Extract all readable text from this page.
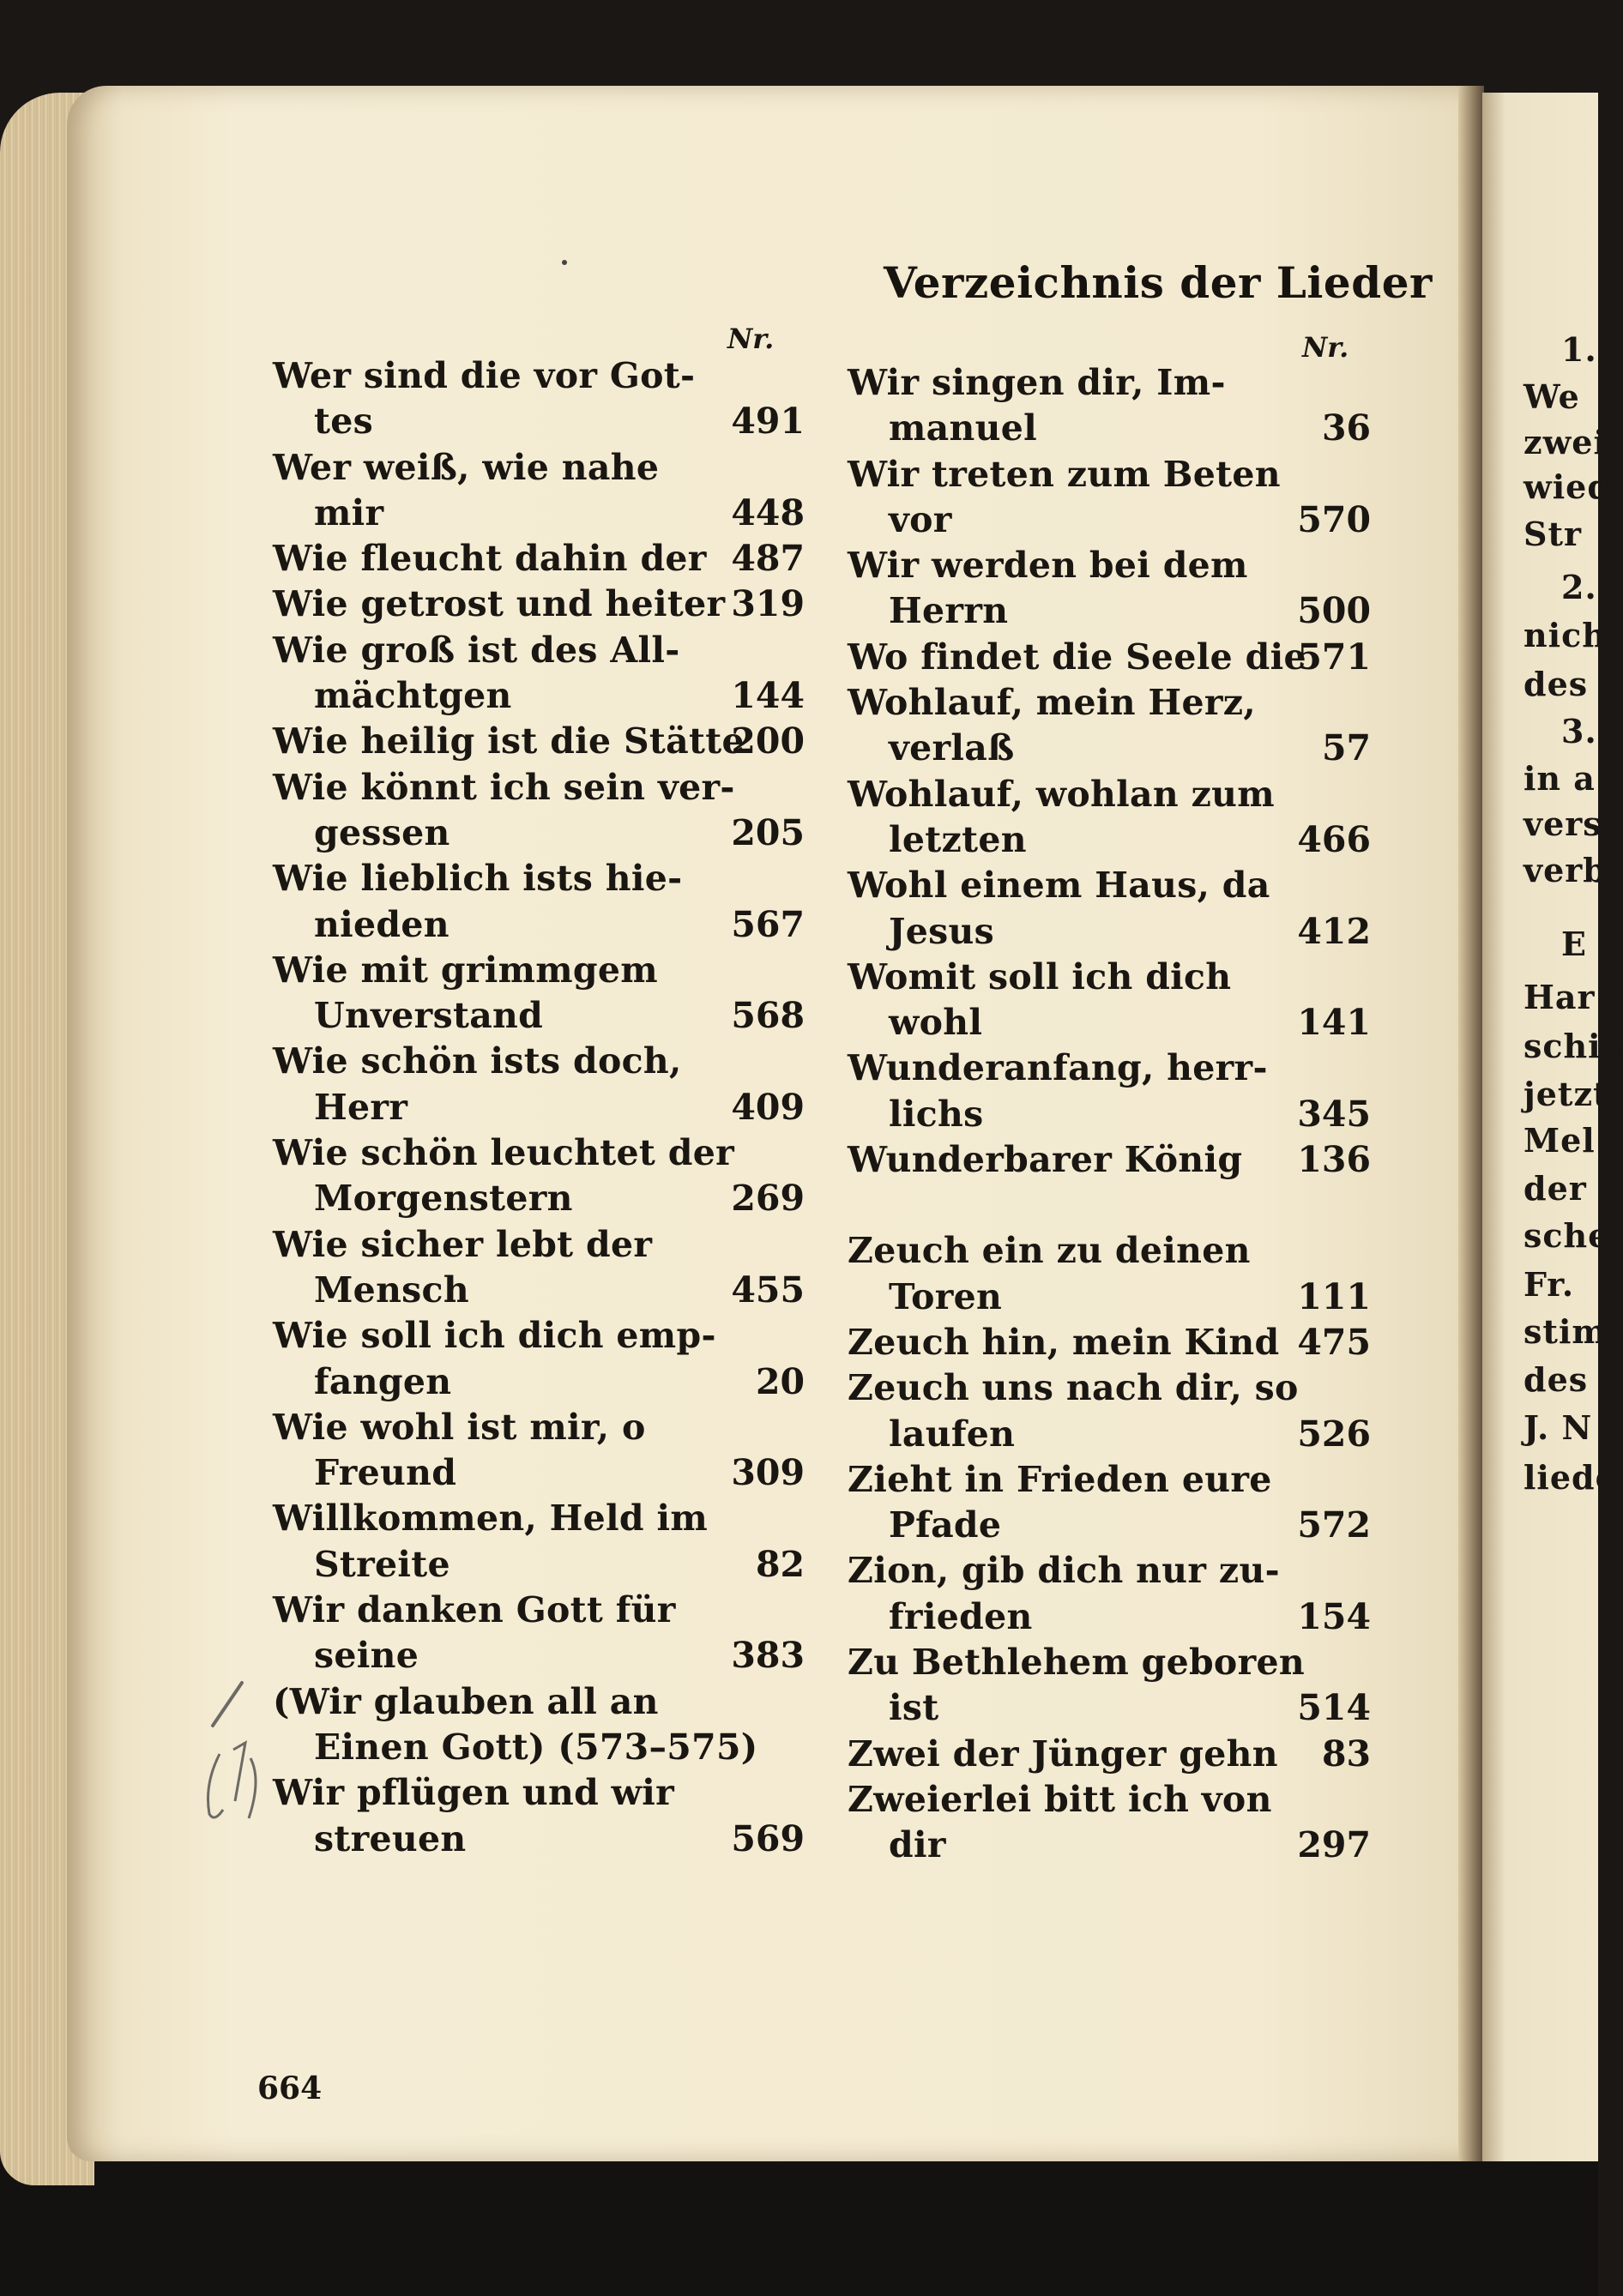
1.
We
zwei
wied
Str
2.
nich
des
3.
in a
vers
verb
E
Har
schie
jetzt
Mel
der
sche
Fr.
stim
des
J. N
liede
Verzeichnis der Lieder
Nr.	Nr.
Wer sind die vor Got-
tes	491
Wer weiß, wie nahe
mir	448
Wie fleucht dahin der 487
Wie getrost und heiter 319
Wie groß ist des All-
mächtgen	144
Wie heilig ist die Stätte
200
Wie könnt ich sein ver-
gessen	205
Wie lieblich ists hie-
nieden	567
Wie mit grimmgem
Unverstand	568
Wie schön ists doch,
Herr	409
Wie schön leuchtet der
Morgenstern	269
Wie sicher lebt der
Mensch	455
Wie soll ich dich emp-
fangen	20
Wie wohl ist mir, o
Freund	309
Willkommen, Held im
Streite	82
Wir danken Gott für
seine	383
(Wir glauben all an
Einen Gott) (573–575)
Wir pflügen und wir
streuen	569
Wir singen dir, Im-
manuel	36
Wir treten zum Beten
vor	570
Wir werden bei dem
Herrn	500
Wo findet die Seele die
571
Wohlauf, mein Herz,
verlaß	57
Wohlauf, wohlan zum
letzten	466
Wohl einem Haus, da
Jesus	412
Womit soll ich dich
wohl	141
Wunderanfang, herr-
lichs	345
Wunderbarer König 136
Zeuch ein zu deinen
Toren	111
Zeuch hin, mein Kind 475
Zeuch uns nach dir, so
laufen	526
Zieht in Frieden eure
Pfade	572
Zion, gib dich nur zu-
frieden	154
Zu Bethlehem geboren
ist	514
Zwei der Jünger gehn 83
Zweierlei bitt ich von
dir	297
664
